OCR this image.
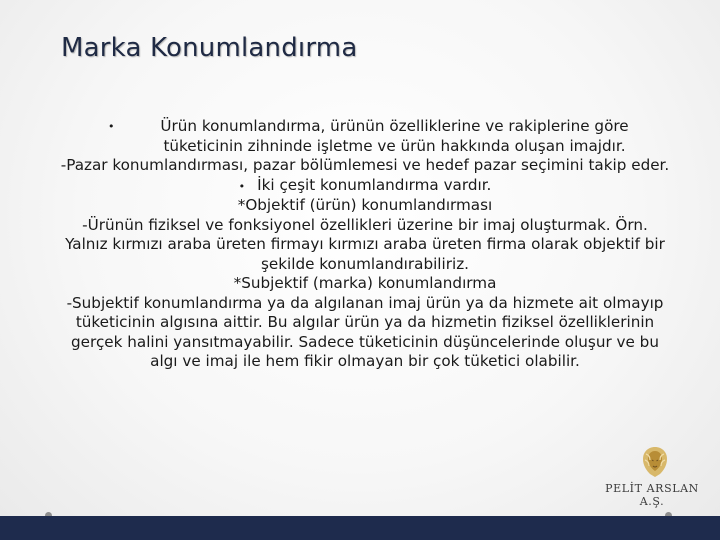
Marka Konumlandırma

•	Ürün konumlandırma, ürünün özelliklerine ve rakiplerine göre tüketicinin zihninde işletme ve ürün hakkında oluşan imajdır.

-Pazar konumlandırması, pazar bölümlemesi ve hedef pazar seçimini takip eder.

• İki çeşit konumlandırma vardır.

*Objektif (ürün) konumlandırması

-Ürünün fiziksel ve fonksiyonel özellikleri üzerine bir imaj oluşturmak. Örn. Yalnız kırmızı araba üreten firmayı kırmızı araba üreten firma olarak objektif bir şekilde konumlandırabiliriz.

*Subjektif (marka) konumlandırma

-Subjektif konumlandırma ya da algılanan imaj ürün ya da hizmete ait olmayıp tüketicinin algısına aittir. Bu algılar ürün ya da hizmetin fiziksel özelliklerinin gerçek halini yansıtmayabilir. Sadece tüketicinin düşüncelerinde oluşur ve bu algı ve imaj ile hem fikir olmayan bir çok tüketici olabilir.

PELİT ARSLAN A.Ş.
